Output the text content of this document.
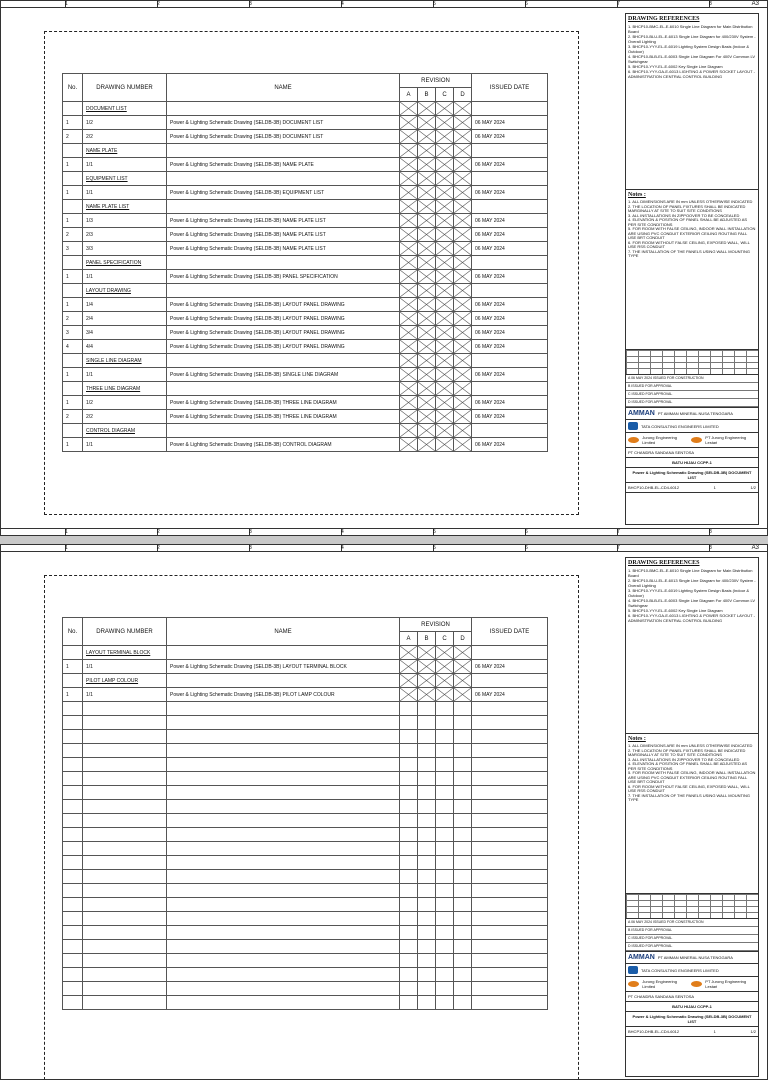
1	2	3	4	5	6	7	8	A3
No.	DRAWING NUMBER	NAME	REVISION				ISSUED DATE
			A	B	C	D	
	DOCUMENT LIST		

1	1/2	Power & Lighting Schematic Drawing (SELDB-3B) DOCUMENT LIST					06 MAY 2024
2	2/2	Power & Lighting Schematic Drawing (SELDB-3B) DOCUMENT LIST					06 MAY 2024
	NAME PLATE		

1	1/1	Power & Lighting Schematic Drawing (SELDB-3B) NAME PLATE					06 MAY 2024
	EQUIPMENT LIST		

1	1/1	Power & Lighting Schematic Drawing (SELDB-3B) EQUIPMENT LIST					06 MAY 2024
	NAME PLATE LIST		

1	1/3	Power & Lighting Schematic Drawing (SELDB-3B) NAME PLATE LIST					06 MAY 2024
2	2/3	Power & Lighting Schematic Drawing (SELDB-3B) NAME PLATE LIST					06 MAY 2024
3	3/3	Power & Lighting Schematic Drawing (SELDB-3B) NAME PLATE LIST					06 MAY 2024
	PANEL SPECIFICATION		

1	1/1	Power & Lighting Schematic Drawing (SELDB-3B) PANEL SPECIFICATION					06 MAY 2024
	LAYOUT DRAWING		

1	1/4	Power & Lighting Schematic Drawing (SELDB-3B) LAYOUT PANEL DRAWING					06 MAY 2024
2	2/4	Power & Lighting Schematic Drawing (SELDB-3B) LAYOUT PANEL DRAWING					06 MAY 2024
3	3/4	Power & Lighting Schematic Drawing (SELDB-3B) LAYOUT PANEL DRAWING					06 MAY 2024
4	4/4	Power & Lighting Schematic Drawing (SELDB-3B) LAYOUT PANEL DRAWING					06 MAY 2024
	SINGLE LINE DIAGRAM		

1	1/1	Power & Lighting Schematic Drawing (SELDB-3B) SINGLE LINE DIAGRAM					06 MAY 2024
	THREE LINE DIAGRAM		

1	1/2	Power & Lighting Schematic Drawing (SELDB-3B) THREE LINE DIAGRAM					06 MAY 2024
2	2/2	Power & Lighting Schematic Drawing (SELDB-3B) THREE LINE DIAGRAM					06 MAY 2024
	CONTROL DIAGRAM		

1	1/1	Power & Lighting Schematic Drawing (SELDB-3B) CONTROL DIAGRAM					06 MAY 2024
DRAWING REFERENCES
1. BHCP10-BMC-EL-E-6010 Single Line Diagram for Main Distribution Board
2. BHCP10-BLU-EL-E-6013 Single Line Diagram for 400/230V System - Overall Lighting
3. BHCP10-YYY-EL-E-6019 Lighting System Design Basis (Indoor & Outdoor)
4. BHCP10-BLB-EL-E-6003 Single Line Diagram For 400V Common LV Switchgear
5. BHCP10-YYY-EL-E-6002 Key Single Line Diagram
6. BHCP10-YYY-GA-E-6013 LIGHTING & POWER SOCKET LAYOUT - ADMINISTRATION CENTRAL CONTROL BUILDING
Notes :
1. ALL DIMENSIONS ARE IN mm UNLESS OTHERWISE INDICATED
2. THE LOCATION OF PANEL FIXTURES SHALL BE INDICATED MARGINALLY AT SITE TO SUIT SITE CONDITIONS
3. ALL INSTALLATIONS IN ZIPPOOVER TO BE CONCEALED
4. ELEVATION & POSITION OF PANEL SHALL BE ADJUSTED AS PER SITE CONDITIONS
5. FOR ROOM WITH FALSE CEILING, INDOOR WALL INSTALLATION ARE USING PVC CONDUIT EXTERIOR CEILING ROUTING FALL USE BRT CONDUIT
6. FOR ROOM WITHOUT FALSE CEILING, EXPOSED WALL, WILL USE RSS CONDUIT
7. THE INSTALLATION OF THE PANELS USING WALL MOUNTING TYPE
A 06 MAY 2024 ISSUED FOR CONSTRUCTION
B ISSUED FOR APPROVAL
C ISSUED FOR APPROVAL
D ISSUED FOR APPROVAL
AMMAN PT AMMAN MINERAL NUSA TENGGARA
TATA CONSULTING ENGINEERS LIMITED
Jurong Engineering Limited
PT Jurong Engineering Lestari
PT CHANDRA SANDANA SENTOSA
BATU HIJAU CCPP-1
Power & Lighting Schematic Drawing (SELDB-3B) DOCUMENT LIST
BHCP10-DHB-EL-CD4-6012	1	1/2
1	2	3	4	5	6	7	8
1	2	3	4	5	6	7	8	A3
No.	DRAWING NUMBER	NAME	REVISION				ISSUED DATE
			A	B	C	D	
	LAYOUT TERMINAL BLOCK		

1	1/1	Power & Lighting Schematic Drawing (SELDB-3B) LAYOUT TERMINAL BLOCK					06 MAY 2024
	PILOT LAMP COLOUR		

1	1/1	Power & Lighting Schematic Drawing (SELDB-3B) PILOT LAMP COLOUR					06 MAY 2024

DRAWING REFERENCES
1. BHCP10-BMC-EL-E-6010 Single Line Diagram for Main Distribution Board
2. BHCP10-BLU-EL-E-6013 Single Line Diagram for 400/230V System - Overall Lighting
3. BHCP10-YYY-EL-E-6019 Lighting System Design Basis (Indoor & Outdoor)
4. BHCP10-BLB-EL-E-6003 Single Line Diagram For 400V Common LV Switchgear
5. BHCP10-YYY-EL-E-6002 Key Single Line Diagram
6. BHCP10-YYY-GA-E-6013 LIGHTING & POWER SOCKET LAYOUT - ADMINISTRATION CENTRAL CONTROL BUILDING
Notes :
1. ALL DIMENSIONS ARE IN mm UNLESS OTHERWISE INDICATED
2. THE LOCATION OF PANEL FIXTURES SHALL BE INDICATED MARGINALLY AT SITE TO SUIT SITE CONDITIONS
3. ALL INSTALLATIONS IN ZIPPOOVER TO BE CONCEALED
4. ELEVATION & POSITION OF PANEL SHALL BE ADJUSTED AS PER SITE CONDITIONS
5. FOR ROOM WITH FALSE CEILING, INDOOR WALL INSTALLATION ARE USING PVC CONDUIT EXTERIOR CEILING ROUTING FALL USE BRT CONDUIT
6. FOR ROOM WITHOUT FALSE CEILING, EXPOSED WALL, WILL USE RSS CONDUIT
7. THE INSTALLATION OF THE PANELS USING WALL MOUNTING TYPE
A 06 MAY 2024 ISSUED FOR CONSTRUCTION
B ISSUED FOR APPROVAL
C ISSUED FOR APPROVAL
D ISSUED FOR APPROVAL
AMMAN PT AMMAN MINERAL NUSA TENGGARA
TATA CONSULTING ENGINEERS LIMITED
Jurong Engineering Limited
PT Jurong Engineering Lestari
PT CHANDRA SANDANA SENTOSA
BATU HIJAU CCPP-1
Power & Lighting Schematic Drawing (SELDB-3B) DOCUMENT LIST
BHCP10-DHB-EL-CD4-6012	1	1/2
